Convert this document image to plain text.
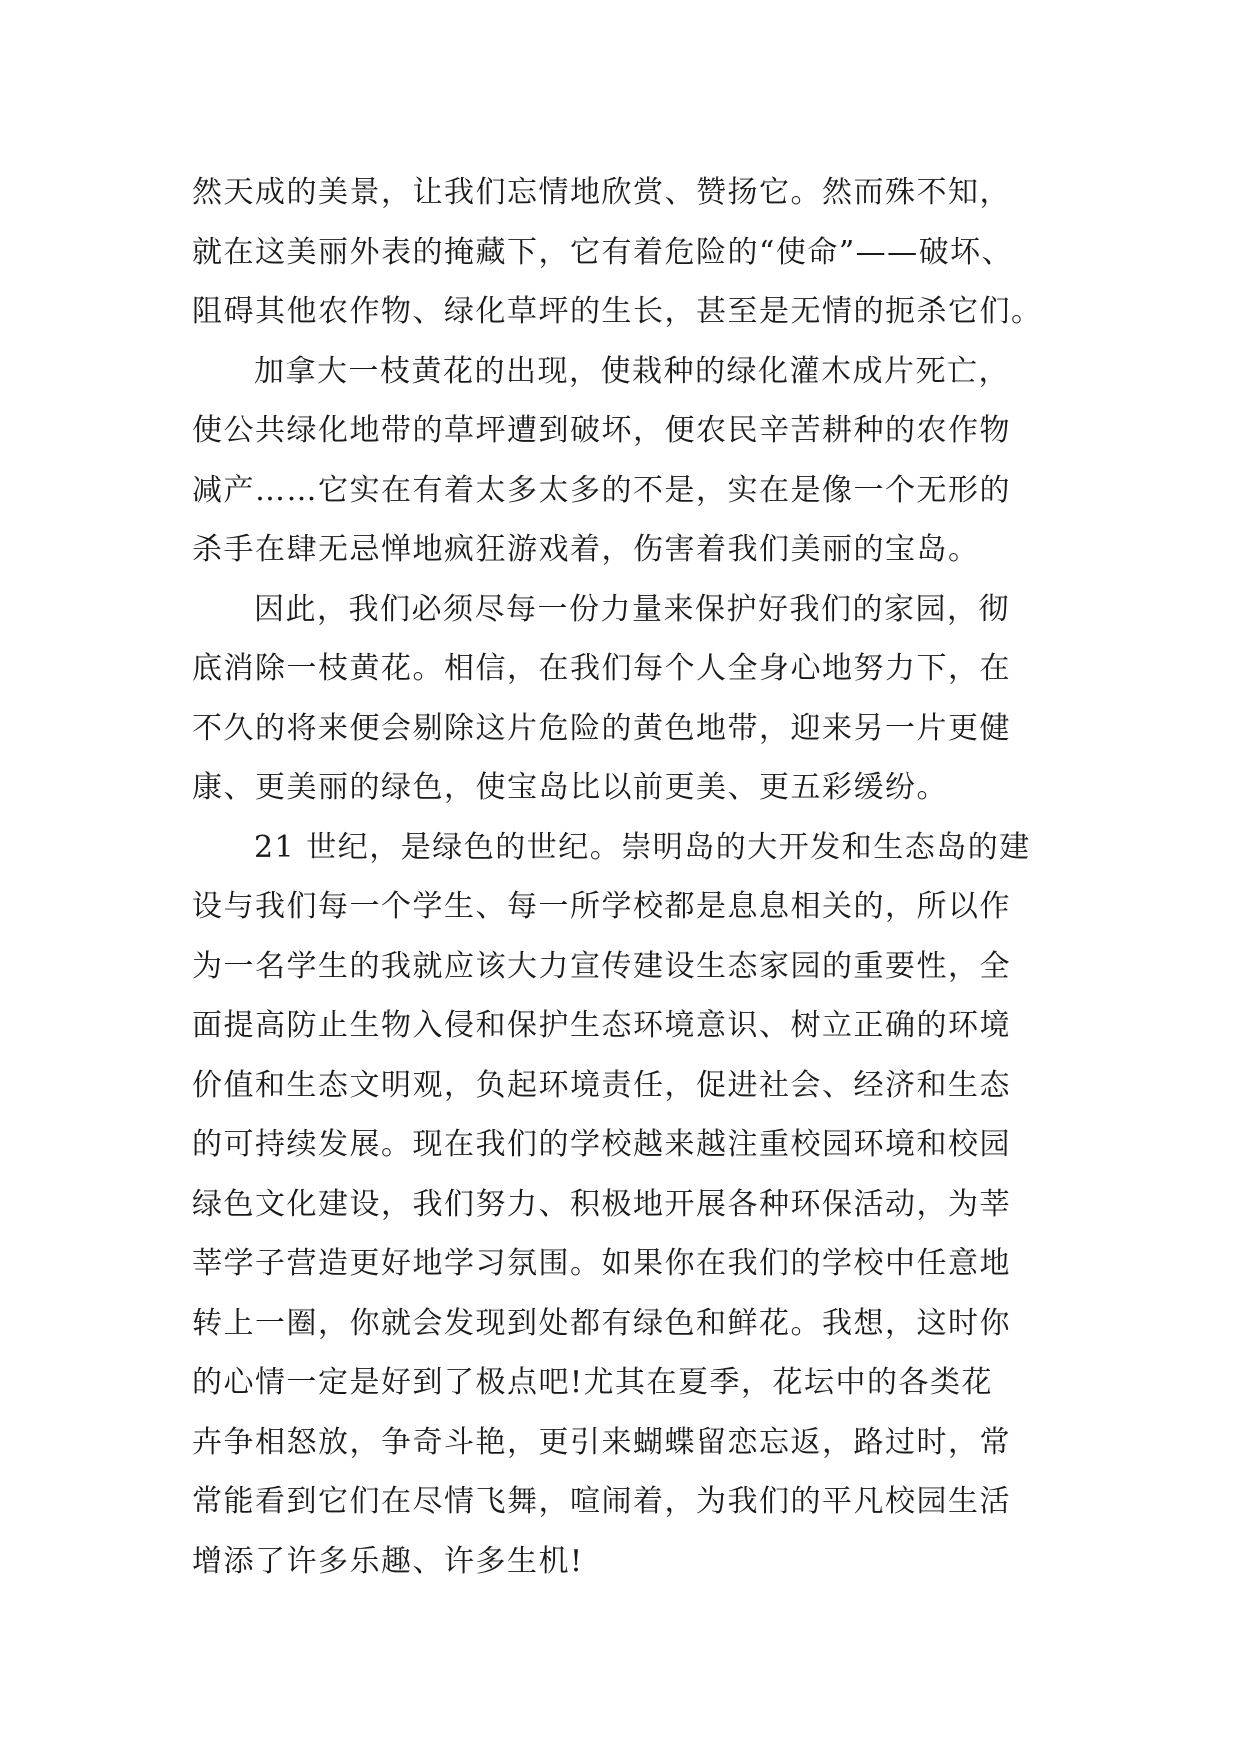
然天成的美景，让我们忘情地欣赏、赞扬它。然而殊不知，
就在这美丽外表的掩藏下，它有着危险的“使命”——破坏、
阻碍其他农作物、绿化草坪的生长，甚至是无情的扼杀它们。
加拿大一枝黄花的出现，使栽种的绿化灌木成片死亡，
使公共绿化地带的草坪遭到破坏，便农民辛苦耕种的农作物
减产……它实在有着太多太多的不是，实在是像一个无形的
杀手在肆无忌惮地疯狂游戏着，伤害着我们美丽的宝岛。
因此，我们必须尽每一份力量来保护好我们的家园，彻
底消除一枝黄花。相信，在我们每个人全身心地努力下，在
不久的将来便会剔除这片危险的黄色地带，迎来另一片更健
康、更美丽的绿色，使宝岛比以前更美、更五彩缓纷。
21 世纪，是绿色的世纪。崇明岛的大开发和生态岛的建
设与我们每一个学生、每一所学校都是息息相关的，所以作
为一名学生的我就应该大力宣传建设生态家园的重要性，全
面提高防止生物入侵和保护生态环境意识、树立正确的环境
价值和生态文明观，负起环境责任，促进社会、经济和生态
的可持续发展。现在我们的学校越来越注重校园环境和校园
绿色文化建设，我们努力、积极地开展各种环保活动，为莘
莘学子营造更好地学习氛围。如果你在我们的学校中任意地
转上一圈，你就会发现到处都有绿色和鲜花。我想，这时你
的心情一定是好到了极点吧!尤其在夏季，花坛中的各类花
卉争相怒放，争奇斗艳，更引来蝴蝶留恋忘返，路过时，常
常能看到它们在尽情飞舞，喧闹着，为我们的平凡校园生活
增添了许多乐趣、许多生机!
